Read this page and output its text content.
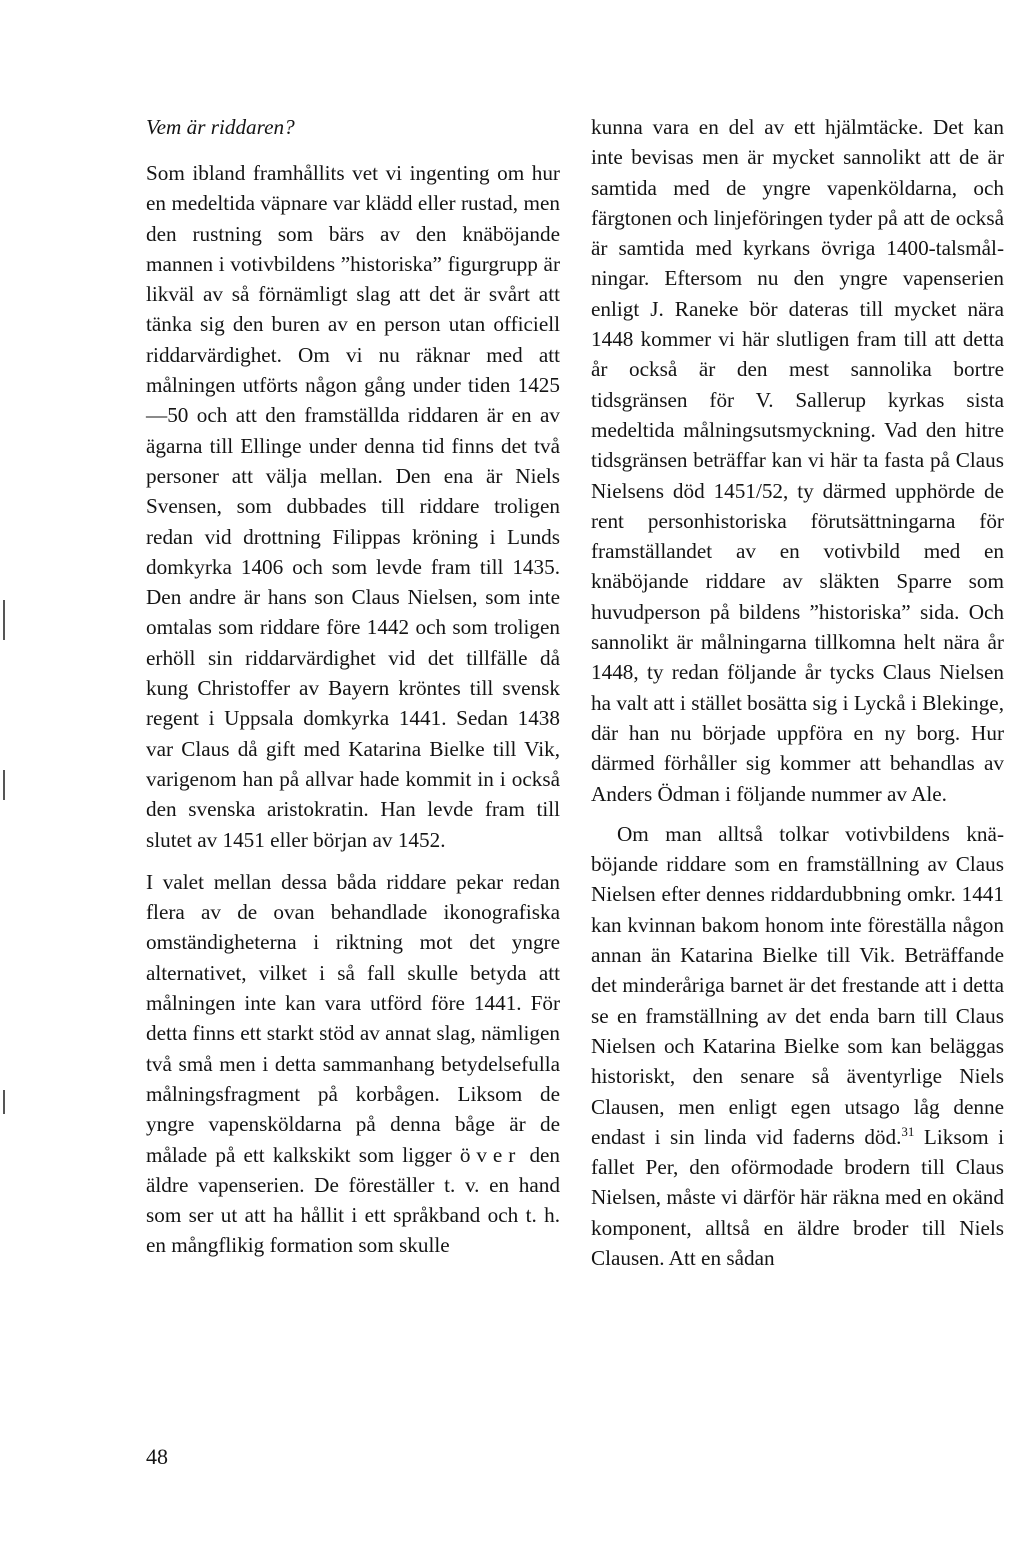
Vem är riddaren?

Som ibland framhållits vet vi ingenting om hur en medeltida väpnare var klädd eller rustad, men den rustning som bärs av den knäböjande mannen i votivbildens ”historiska” figurgrupp är likväl av så förnämligt slag att det är svårt att tänka sig den buren av en person utan officiell riddarvärdighet. Om vi nu räknar med att målningen utförts någon gång under tiden 1425—50 och att den framställda riddaren är en av ägarna till Ellinge under denna tid finns det två personer att välja mellan. Den ena är Niels Svensen, som dubbades till riddare troligen redan vid drottning Filippas kröning i Lunds domkyrka 1406 och som levde fram till 1435. Den andre är hans son Claus Nielsen, som inte omtalas som riddare före 1442 och som troligen erhöll sin riddarvärdighet vid det tillfälle då kung Christoffer av Bayern kröntes till svensk regent i Uppsala domkyrka 1441. Sedan 1438 var Claus då gift med Katarina Bielke till Vik, varigenom han på allvar hade kommit in i också den svenska aristokratin. Han levde fram till slutet av 1451 eller början av 1452.

I valet mellan dessa båda riddare pekar redan flera av de ovan behandlade ikonografiska omständigheterna i riktning mot det yngre alternativet, vilket i så fall skulle betyda att målningen inte kan vara utförd före 1441. För detta finns ett starkt stöd av annat slag, nämligen två små men i detta sammanhang betydelsefulla målningsfragment på korbågen. Liksom de yngre vapensköldarna på denna båge är de målade på ett kalkskikt som ligger över den äldre vapenserien. De föreställer t. v. en hand som ser ut att ha hållit i ett språkband och t. h. en mångflikig formation som skulle

kunna vara en del av ett hjälmtäcke. Det kan inte bevisas men är mycket sannolikt att de är samtida med de yngre vapenköldarna, och färgtonen och linjeföringen tyder på att de också är samtida med kyrkans övriga 1400-talsmålningar. Eftersom nu den yngre vapenserien enligt J. Raneke bör dateras till mycket nära 1448 kommer vi här slutligen fram till att detta år också är den mest sannolika bortre tidsgränsen för V. Sallerup kyrkas sista medeltida målningsutsmyckning. Vad den hitre tidsgränsen beträffar kan vi här ta fasta på Claus Nielsens död 1451/52, ty därmed upphörde de rent personhistoriska förutsättningarna för framställandet av en votivbild med en knäböjande riddare av släkten Sparre som huvudperson på bildens ”historiska” sida. Och sannolikt är målningarna tillkomna helt nära år 1448, ty redan följande år tycks Claus Nielsen ha valt att i stället bosätta sig i Lyckå i Blekinge, där han nu började uppföra en ny borg. Hur därmed förhåller sig kommer att behandlas av Anders Ödman i följande nummer av Ale.

Om man alltså tolkar votivbildens knäböjande riddare som en framställning av Claus Nielsen efter dennes riddardubbning omkr. 1441 kan kvinnan bakom honom inte föreställa någon annan än Katarina Bielke till Vik. Beträffande det minderåriga barnet är det frestande att i detta se en framställning av det enda barn till Claus Nielsen och Katarina Bielke som kan beläggas historiskt, den senare så äventyrlige Niels Clausen, men enligt egen utsago låg denne endast i sin linda vid faderns död.$^{31}$ Liksom i fallet Per, den oförmodade brodern till Claus Nielsen, måste vi därför här räkna med en okänd komponent, alltså en äldre broder till Niels Clausen. Att en sådan

48
